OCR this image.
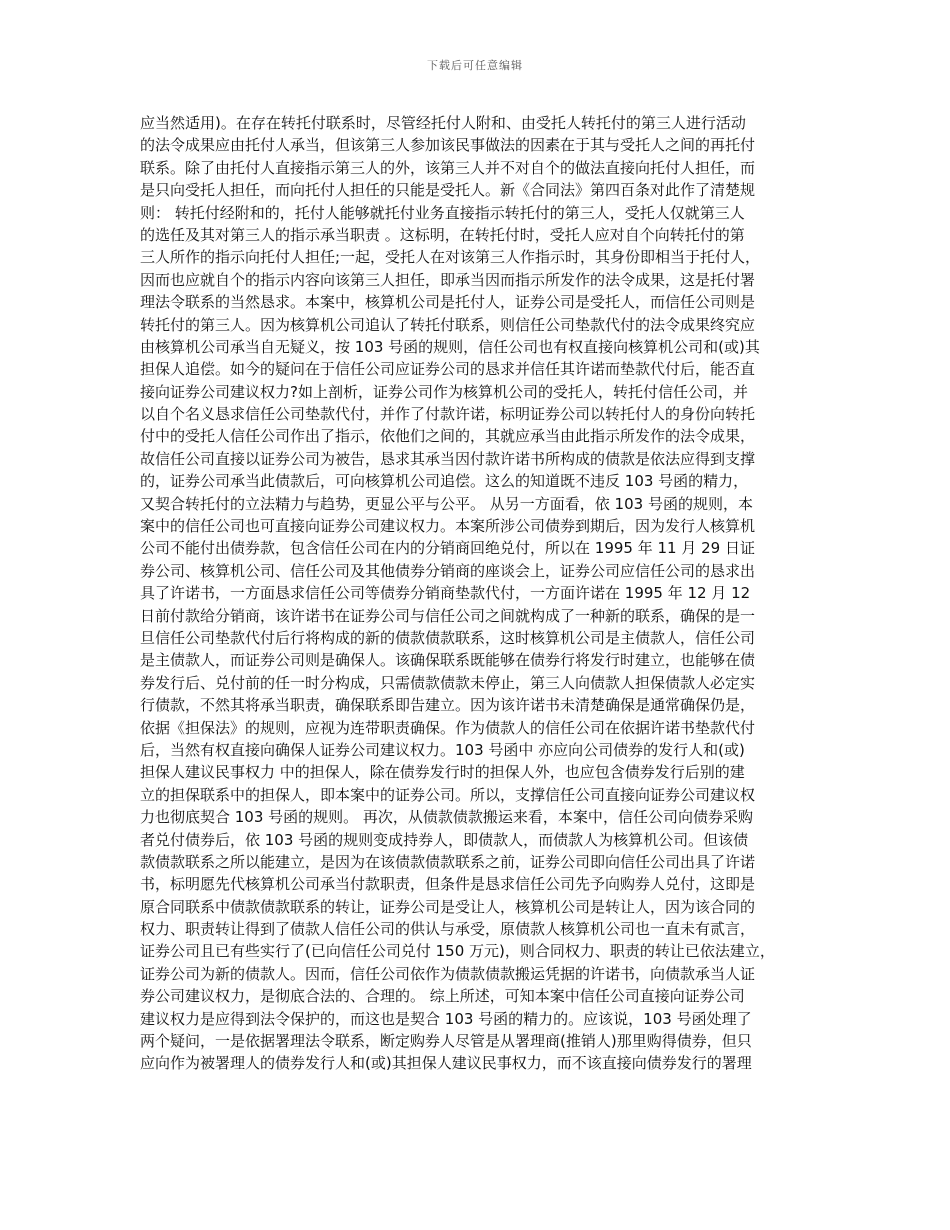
下载后可任意编辑
应当然适用)。在存在转托付联系时，尽管经托付人附和、由受托人转托付的第三人进行活动
的法令成果应由托付人承当，但该第三人参加该民事做法的因素在于其与受托人之间的再托付
联系。除了由托付人直接指示第三人的外，该第三人并不对自个的做法直接向托付人担任，而
是只向受托人担任，而向托付人担任的只能是受托人。新《合同法》第四百条对此作了清楚规
则： 转托付经附和的，托付人能够就托付业务直接指示转托付的第三人，受托人仅就第三人
的选任及其对第三人的指示承当职责 。这标明，在转托付时，受托人应对自个向转托付的第
三人所作的指示向托付人担任;一起，受托人在对该第三人作指示时，其身份即相当于托付人，
因而也应就自个的指示内容向该第三人担任，即承当因而指示所发作的法令成果，这是托付署
理法令联系的当然恳求。本案中，核算机公司是托付人，证券公司是受托人，而信任公司则是
转托付的第三人。因为核算机公司追认了转托付联系，则信任公司垫款代付的法令成果终究应
由核算机公司承当自无疑义，按 103 号函的规则，信任公司也有权直接向核算机公司和(或)其
担保人追偿。如今的疑问在于信任公司应证券公司的恳求并信任其许诺而垫款代付后，能否直
接向证券公司建议权力?如上剖析，证券公司作为核算机公司的受托人，转托付信任公司，并
以自个名义恳求信任公司垫款代付，并作了付款许诺，标明证券公司以转托付人的身份向转托
付中的受托人信任公司作出了指示，依他们之间的，其就应承当由此指示所发作的法令成果，
故信任公司直接以证券公司为被告，恳求其承当因付款许诺书所构成的债款是依法应得到支撑
的，证券公司承当此债款后，可向核算机公司追偿。这么的知道既不违反 103 号函的精力，
又契合转托付的立法精力与趋势，更显公平与公平。 从另一方面看，依 103 号函的规则，本
案中的信任公司也可直接向证券公司建议权力。本案所涉公司债券到期后，因为发行人核算机
公司不能付出债券款，包含信任公司在内的分销商回绝兑付，所以在 1995 年 11 月 29 日证
券公司、核算机公司、信任公司及其他债券分销商的座谈会上，证券公司应信任公司的恳求出
具了许诺书，一方面恳求信任公司等债券分销商垫款代付，一方面许诺在 1995 年 12 月 12
日前付款给分销商，该许诺书在证券公司与信任公司之间就构成了一种新的联系，确保的是一
旦信任公司垫款代付后行将构成的新的债款债款联系，这时核算机公司是主债款人，信任公司
是主债款人，而证券公司则是确保人。该确保联系既能够在债券行将发行时建立，也能够在债
券发行后、兑付前的任一时分构成，只需债款债款未停止，第三人向债款人担保债款人必定实
行债款，不然其将承当职责，确保联系即告建立。因为该许诺书未清楚确保是通常确保仍是，
依据《担保法》的规则，应视为连带职责确保。作为债款人的信任公司在依据许诺书垫款代付
后，当然有权直接向确保人证券公司建议权力。103 号函中 亦应向公司债券的发行人和(或)
担保人建议民事权力 中的担保人，除在债券发行时的担保人外，也应包含债券发行后别的建
立的担保联系中的担保人，即本案中的证券公司。所以，支撑信任公司直接向证券公司建议权
力也彻底契合 103 号函的规则。 再次，从债款债款搬运来看，本案中，信任公司向债券采购
者兑付债券后，依 103 号函的规则变成持券人，即债款人，而债款人为核算机公司。但该债
款债款联系之所以能建立，是因为在该债款债款联系之前，证券公司即向信任公司出具了许诺
书，标明愿先代核算机公司承当付款职责，但条件是恳求信任公司先予向购券人兑付，这即是
原合同联系中债款债款联系的转让，证券公司是受让人，核算机公司是转让人，因为该合同的
权力、职责转让得到了债款人信任公司的供认与承受，原债款人核算机公司也一直未有贰言，
证券公司且已有些实行了(已向信任公司兑付 150 万元)，则合同权力、职责的转让已依法建立，
证券公司为新的债款人。因而，信任公司依作为债款债款搬运凭据的许诺书，向债款承当人证
券公司建议权力，是彻底合法的、合理的。 综上所述，可知本案中信任公司直接向证券公司
建议权力是应得到法令保护的，而这也是契合 103 号函的精力的。应该说，103 号函处理了
两个疑问，一是依据署理法令联系，断定购券人尽管是从署理商(推销人)那里购得债券，但只
应向作为被署理人的债券发行人和(或)其担保人建议民事权力，而不该直接向债券发行的署理
